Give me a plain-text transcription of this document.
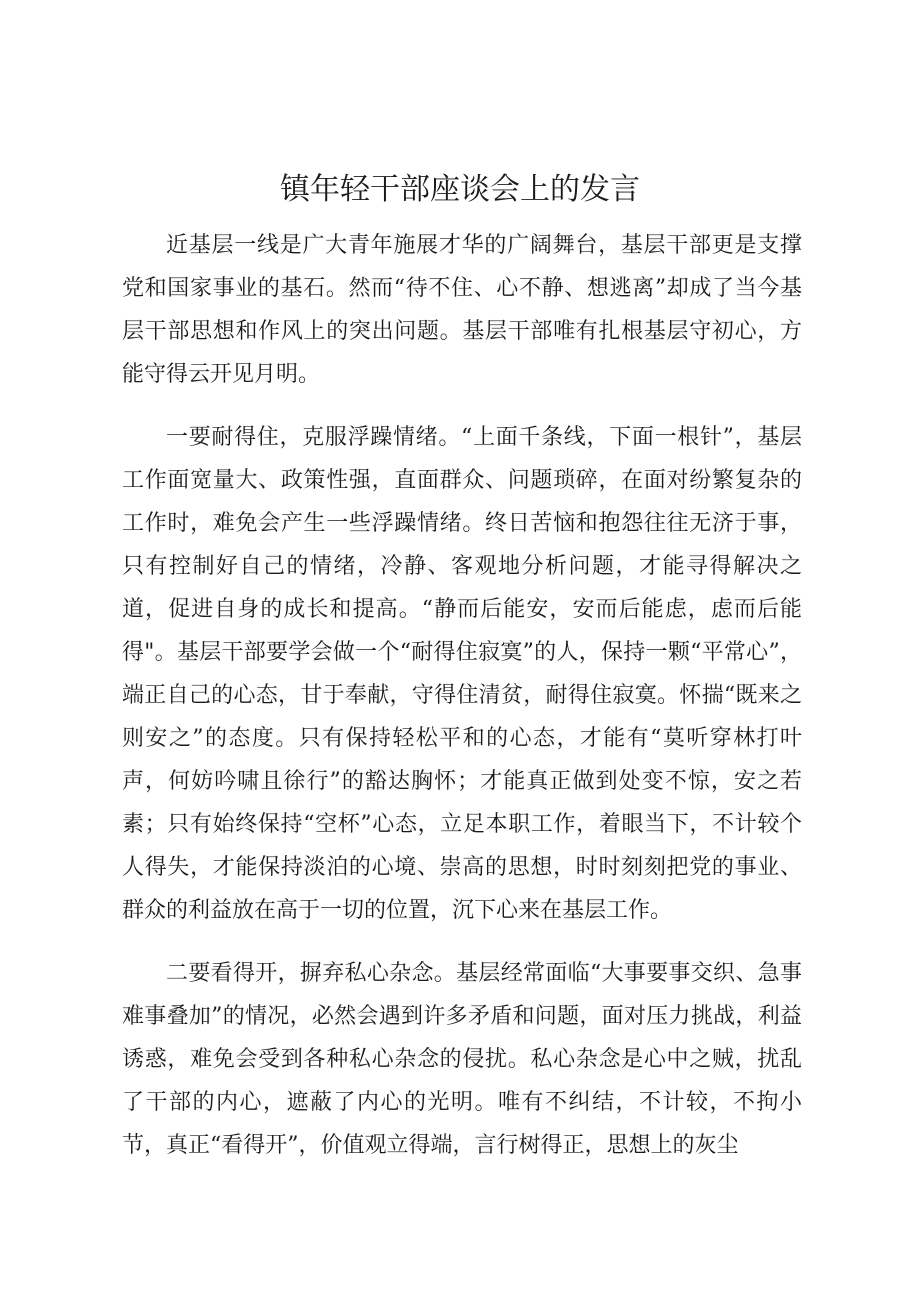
镇年轻干部座谈会上的发言

近基层一线是广大青年施展才华的广阔舞台，基层干部更是支撑党和国家事业的基石。然而“待不住、心不静、想逃离”却成了当今基层干部思想和作风上的突出问题。基层干部唯有扎根基层守初心，方能守得云开见月明。

一要耐得住，克服浮躁情绪。“上面千条线，下面一根针”，基层工作面宽量大、政策性强，直面群众、问题琐碎，在面对纷繁复杂的工作时，难免会产生一些浮躁情绪。终日苦恼和抱怨往往无济于事，只有控制好自己的情绪，冷静、客观地分析问题，才能寻得解决之道，促进自身的成长和提高。“静而后能安，安而后能虑，虑而后能得"。基层干部要学会做一个“耐得住寂寞”的人，保持一颗“平常心”，端正自己的心态，甘于奉献，守得住清贫，耐得住寂寞。怀揣“既来之则安之”的态度。只有保持轻松平和的心态，才能有“莫听穿林打叶声，何妨吟啸且徐行”的豁达胸怀；才能真正做到处变不惊，安之若素；只有始终保持“空杯”心态，立足本职工作，着眼当下，不计较个人得失，才能保持淡泊的心境、崇高的思想，时时刻刻把党的事业、群众的利益放在高于一切的位置，沉下心来在基层工作。

二要看得开，摒弃私心杂念。基层经常面临“大事要事交织、急事难事叠加”的情况，必然会遇到许多矛盾和问题，面对压力挑战，利益诱惑，难免会受到各种私心杂念的侵扰。私心杂念是心中之贼，扰乱了干部的内心，遮蔽了内心的光明。唯有不纠结，不计较，不拘小节，真正“看得开”，价值观立得端，言行树得正，思想上的灰尘
